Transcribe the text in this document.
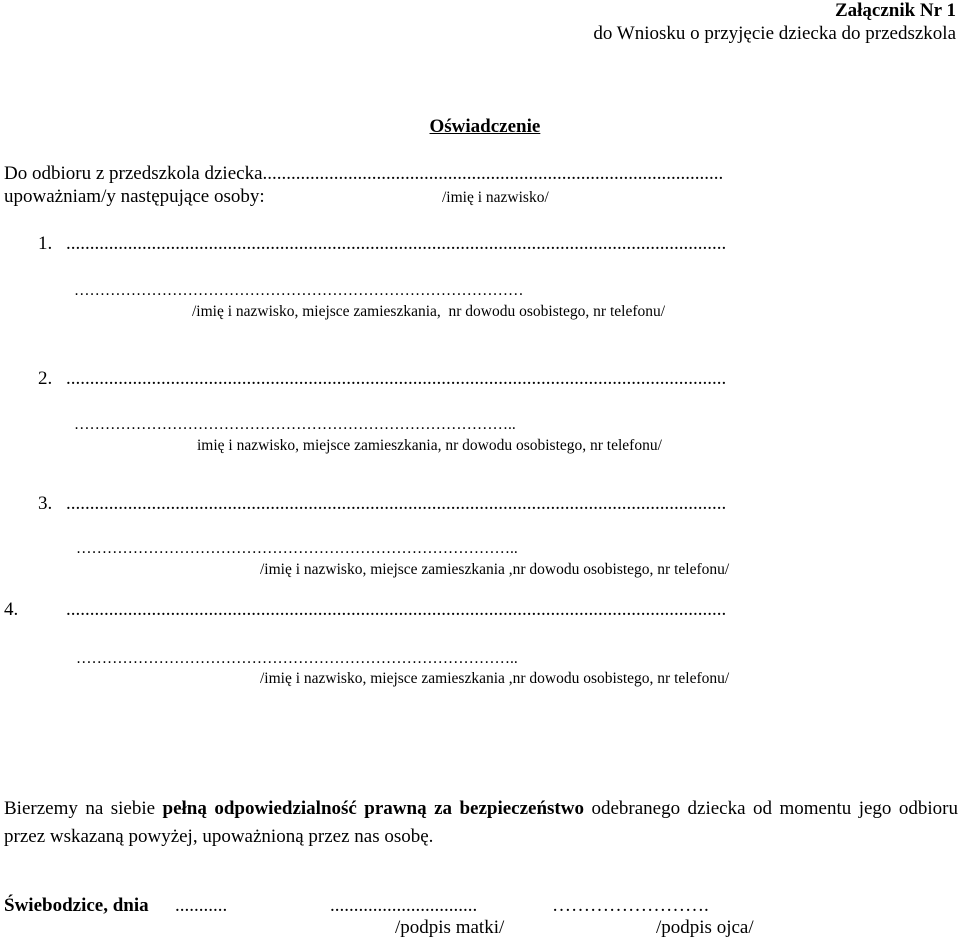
Załącznik Nr 1
do Wniosku o przyjęcie dziecka do przedszkola

Oświadczenie

Do odbioru z przedszkola dziecka.................................................................................................
upoważniam/y następujące osoby:	/imię i nazwisko/
1. ...........................................................................................................................................
……………………………………………………………………………
/imię i nazwisko, miejsce zamieszkania,  nr dowodu osobistego, nr telefonu/
2. ...........................................................................................................................................
…………………………………………………………………………..
imię i nazwisko, miejsce zamieszkania, nr dowodu osobistego, nr telefonu/
3. ...........................................................................................................................................
…………………………………………………………………………..
/imię i nazwisko, miejsce zamieszkania ,nr dowodu osobistego, nr telefonu/
4.	...........................................................................................................................................
…………………………………………………………………………..
/imię i nazwisko, miejsce zamieszkania ,nr dowodu osobistego, nr telefonu/

Bierzemy na siebie pełną odpowiedzialność prawną za bezpieczeństwo odebranego dziecka od momentu jego odbioru przez wskazaną powyżej, upoważnioną przez nas osobę.

Świebodzice, dnia ...........	...............................	…………………….
/podpis matki/	/podpis ojca/
